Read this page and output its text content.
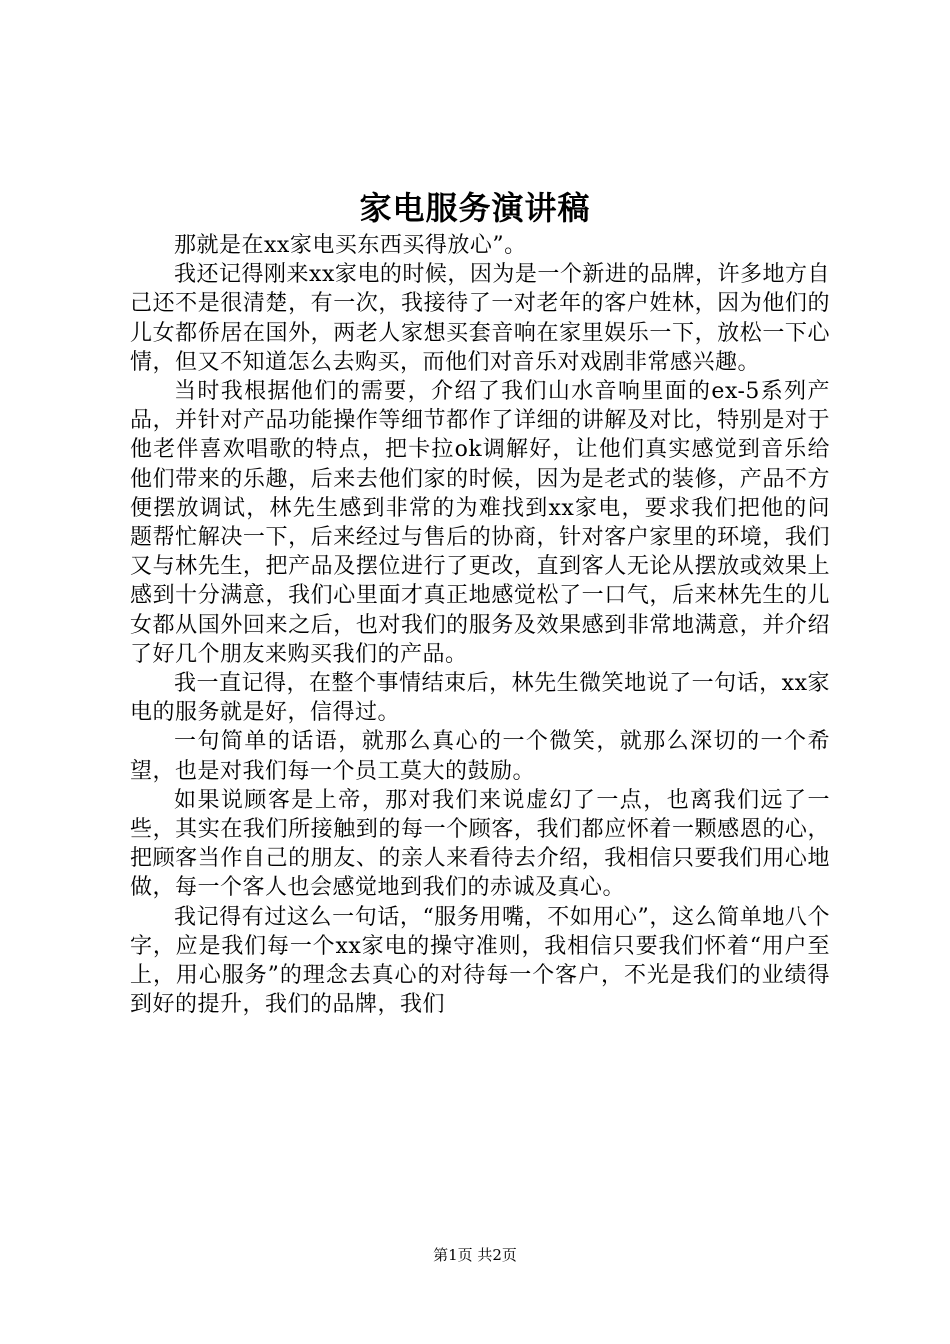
家电服务演讲稿

那就是在xx家电买东西买得放心”。

我还记得刚来xx家电的时候，因为是一个新进的品牌，许多地方自己还不是很清楚，有一次，我接待了一对老年的客户姓林，因为他们的儿女都侨居在国外，两老人家想买套音响在家里娱乐一下，放松一下心情，但又不知道怎么去购买，而他们对音乐对戏剧非常感兴趣。

当时我根据他们的需要，介绍了我们山水音响里面的ex-5系列产品，并针对产品功能操作等细节都作了详细的讲解及对比，特别是对于他老伴喜欢唱歌的特点，把卡拉ok调解好，让他们真实感觉到音乐给他们带来的乐趣，后来去他们家的时候，因为是老式的装修，产品不方便摆放调试，林先生感到非常的为难找到xx家电，要求我们把他的问题帮忙解决一下，后来经过与售后的协商，针对客户家里的环境，我们又与林先生，把产品及摆位进行了更改，直到客人无论从摆放或效果上感到十分满意，我们心里面才真正地感觉松了一口气，后来林先生的儿女都从国外回来之后，也对我们的服务及效果感到非常地满意，并介绍了好几个朋友来购买我们的产品。

我一直记得，在整个事情结束后，林先生微笑地说了一句话，xx家电的服务就是好，信得过。

一句简单的话语，就那么真心的一个微笑，就那么深切的一个希望，也是对我们每一个员工莫大的鼓励。

如果说顾客是上帝，那对我们来说虚幻了一点，也离我们远了一些，其实在我们所接触到的每一个顾客，我们都应怀着一颗感恩的心，把顾客当作自己的朋友、的亲人来看待去介绍，我相信只要我们用心地做，每一个客人也会感觉地到我们的赤诚及真心。

我记得有过这么一句话，“服务用嘴，不如用心”，这么简单地八个字，应是我们每一个xx家电的操守准则，我相信只要我们怀着“用户至上，用心服务”的理念去真心的对待每一个客户，不光是我们的业绩得到好的提升，我们的品牌，我们

第1页 共2页
